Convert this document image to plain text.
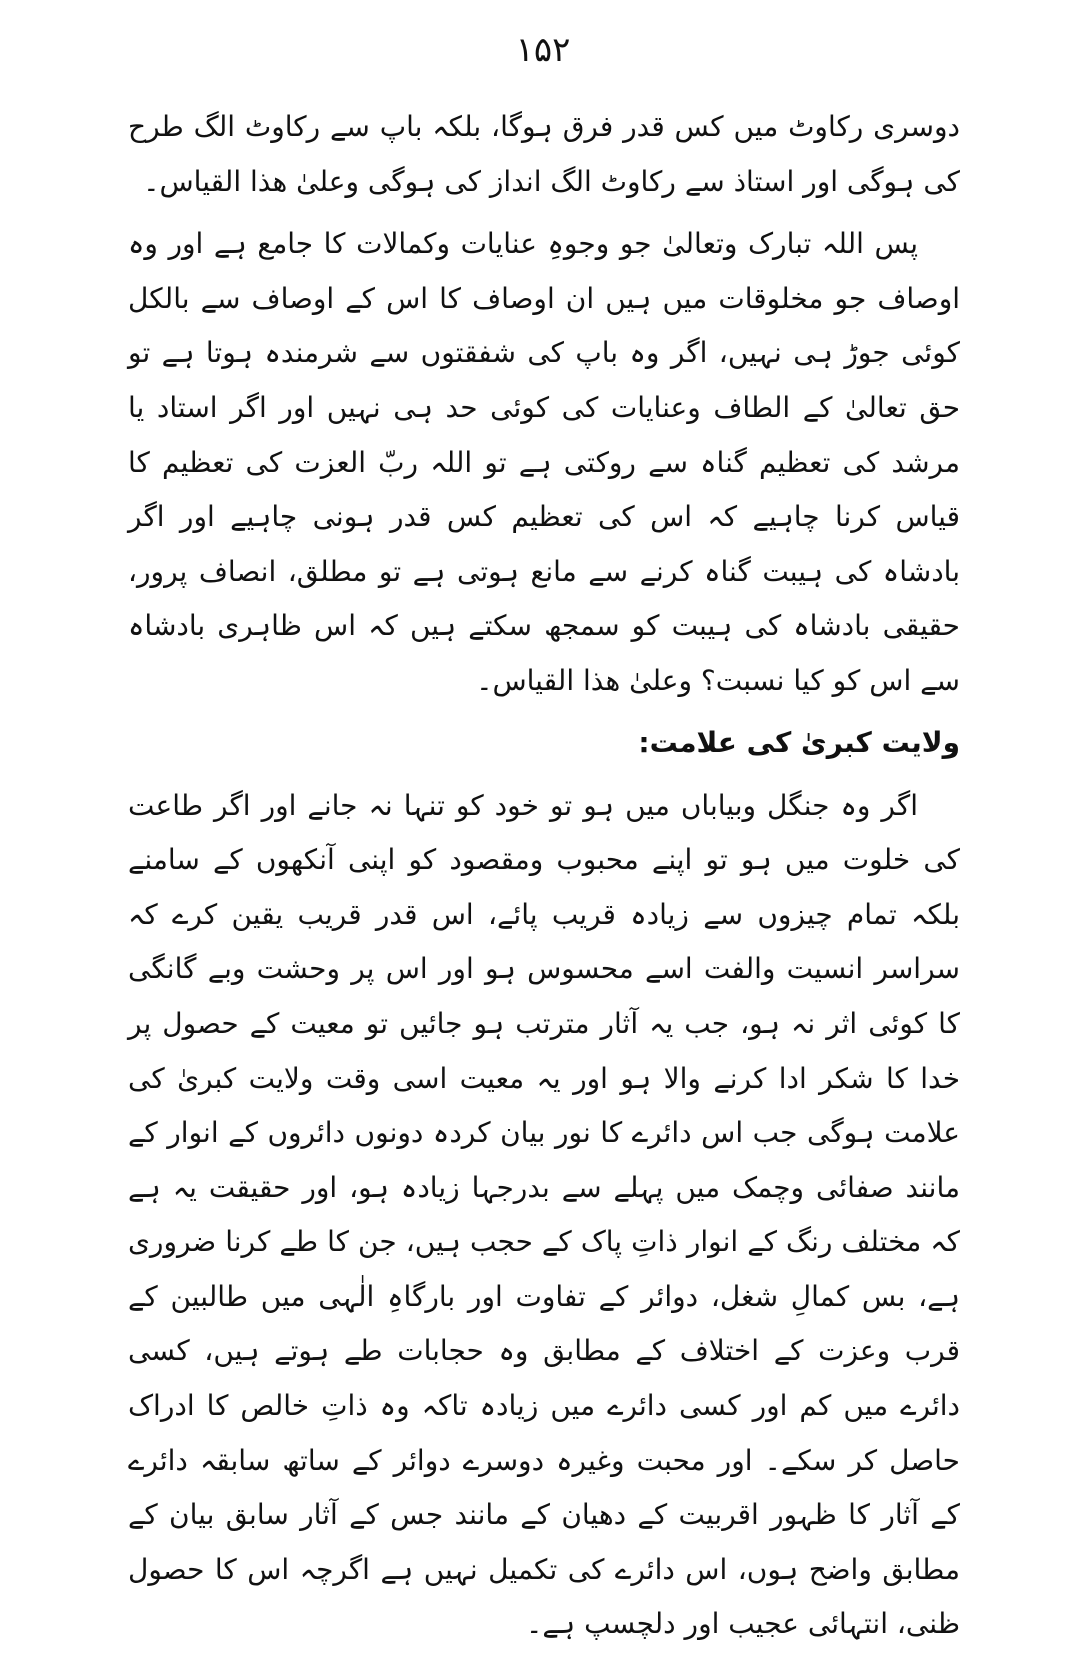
۱۵۲

دوسری رکاوٹ میں کس قدر فرق ہوگا، بلکہ باپ سے رکاوٹ الگ طرح کی ہوگی اور استاذ سے رکاوٹ الگ انداز کی ہوگی وعلیٰ ھذا القیاس۔

پس اللہ تبارک وتعالیٰ جو وجوہِ عنایات وکمالات کا جامع ہے اور وہ اوصاف جو مخلوقات میں ہیں ان اوصاف کا اس کے اوصاف سے بالکل کوئی جوڑ ہی نہیں، اگر وہ باپ کی شفقتوں سے شرمندہ ہوتا ہے تو حق تعالیٰ کے الطاف وعنایات کی کوئی حد ہی نہیں اور اگر استاد یا مرشد کی تعظیم گناہ سے روکتی ہے تو اللہ ربّ العزت کی تعظیم کا قیاس کرنا چاہیے کہ اس کی تعظیم کس قدر ہونی چاہیے اور اگر بادشاہ کی ہیبت گناہ کرنے سے مانع ہوتی ہے تو مطلق، انصاف پرور، حقیقی بادشاہ کی ہیبت کو سمجھ سکتے ہیں کہ اس ظاہری بادشاہ سے اس کو کیا نسبت؟ وعلیٰ ھذا القیاس۔

ولایت کبریٰ کی علامت:

اگر وہ جنگل وبیاباں میں ہو تو خود کو تنہا نہ جانے اور اگر طاعت کی خلوت میں ہو تو اپنے محبوب ومقصود کو اپنی آنکھوں کے سامنے بلکہ تمام چیزوں سے زیادہ قریب پائے، اس قدر قریب یقین کرے کہ سراسر انسیت والفت اسے محسوس ہو اور اس پر وحشت وبے گانگی کا کوئی اثر نہ ہو، جب یہ آثار مترتب ہو جائیں تو معیت کے حصول پر خدا کا شکر ادا کرنے والا ہو اور یہ معیت اسی وقت ولایت کبریٰ کی علامت ہوگی جب اس دائرے کا نور بیان کردہ دونوں دائروں کے انوار کے مانند صفائی وچمک میں پہلے سے بدرجہا زیادہ ہو، اور حقیقت یہ ہے کہ مختلف رنگ کے انوار ذاتِ پاک کے حجب ہیں، جن کا طے کرنا ضروری ہے، بس کمالِ شغل، دوائر کے تفاوت اور بارگاہِ الٰہی میں طالبین کے قرب وعزت کے اختلاف کے مطابق وہ حجابات طے ہوتے ہیں، کسی دائرے میں کم اور کسی دائرے میں زیادہ تاکہ وہ ذاتِ خالص کا ادراک حاصل کر سکے۔ اور محبت وغیرہ دوسرے دوائر کے ساتھ سابقہ دائرے کے آثار کا ظہور اقربیت کے دھیان کے مانند جس کے آثار سابق بیان کے مطابق واضح ہوں، اس دائرے کی تکمیل نہیں ہے اگرچہ اس کا حصول ظنی، انتہائی عجیب اور دلچسپ ہے۔
